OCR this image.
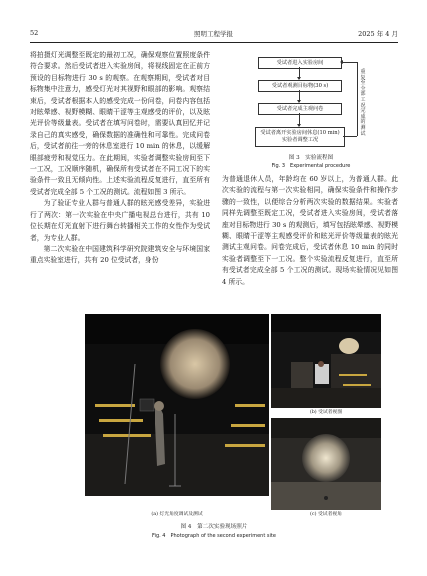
52	照明工程学报	2025 年 4 月

将拍摄灯光调整至既定的最初工况，确保观察位置照度条件符合要求。然后受试者进入实验房间，将视线固定在正前方预设的目标物进行 30 s 的观察。在观察期间，受试者对目标物集中注意力，感受灯光对其视野和眼部的影响。观察结束后，受试者根据本人的感受完成一份问卷，问卷内容包括对眩晕感、视野模糊、眼睛干涩等主观感受的评价，以及眩光评价等级量表。受试者在填写问卷时，需要认真回忆并记录自己的真实感受，确保数据的准确性和可靠性。完成问卷后，受试者前往一旁的休息室进行 10 min 的休息，以缓解眼部疲劳和视觉压力。在此期间，实验者调整实验房间至下一工况，工况顺序随机，确保所有受试者在不同工况下的实验条件一致且无倾向性。上述实验流程反复进行，直至所有受试者完成全部 5 个工况的测试。流程如图 3 所示。

为了验证专业人群与普通人群的眩光感受差异，实验进行了两次：第一次实验在中央广播电视总台进行，共有 10 位长期在灯光直射下进行舞台转播相关工作的女性作为受试者，为专业人群。

第二次实验在中国建筑科学研究院建筑安全与环境国家重点实验室进行，共有 20 位受试者，身份

受试者进入实验房间
受试者观测目标物(30 s)
受试者完成主观问卷
受试者离开实验房间休息(10 min)
实验者调整工况
重复至全部工况完成的测试
图 3　实验流程图
Fig. 3　Experimental procedure

为普通退休人员，年龄均在 60 岁以上，为普通人群。此次实验的流程与第一次实验相同，确保实验条件和操作步骤的一致性，以便综合分析两次实验的数据结果。实验者同样先调整至既定工况，受试者进入实验房间，受试者落座对目标物进行 30 s 的观测后，填写包括眩晕感、视野模糊、眼睛干涩等主观感受评价和眩光评价等级量表的眩光测试主观问卷。问卷完成后，受试者休息 10 min 的同时实验者调整至下一工况。整个实验流程反复进行，直至所有受试者完成全部 5 个工况的测试。现场实验情况见如图 4 所示。

(a) 灯光角度调试及测试
(b) 受试者视图
(c) 受试者视角
图 4　第二次实验现场照片
Fig. 4　Photograph of the second experiment site
